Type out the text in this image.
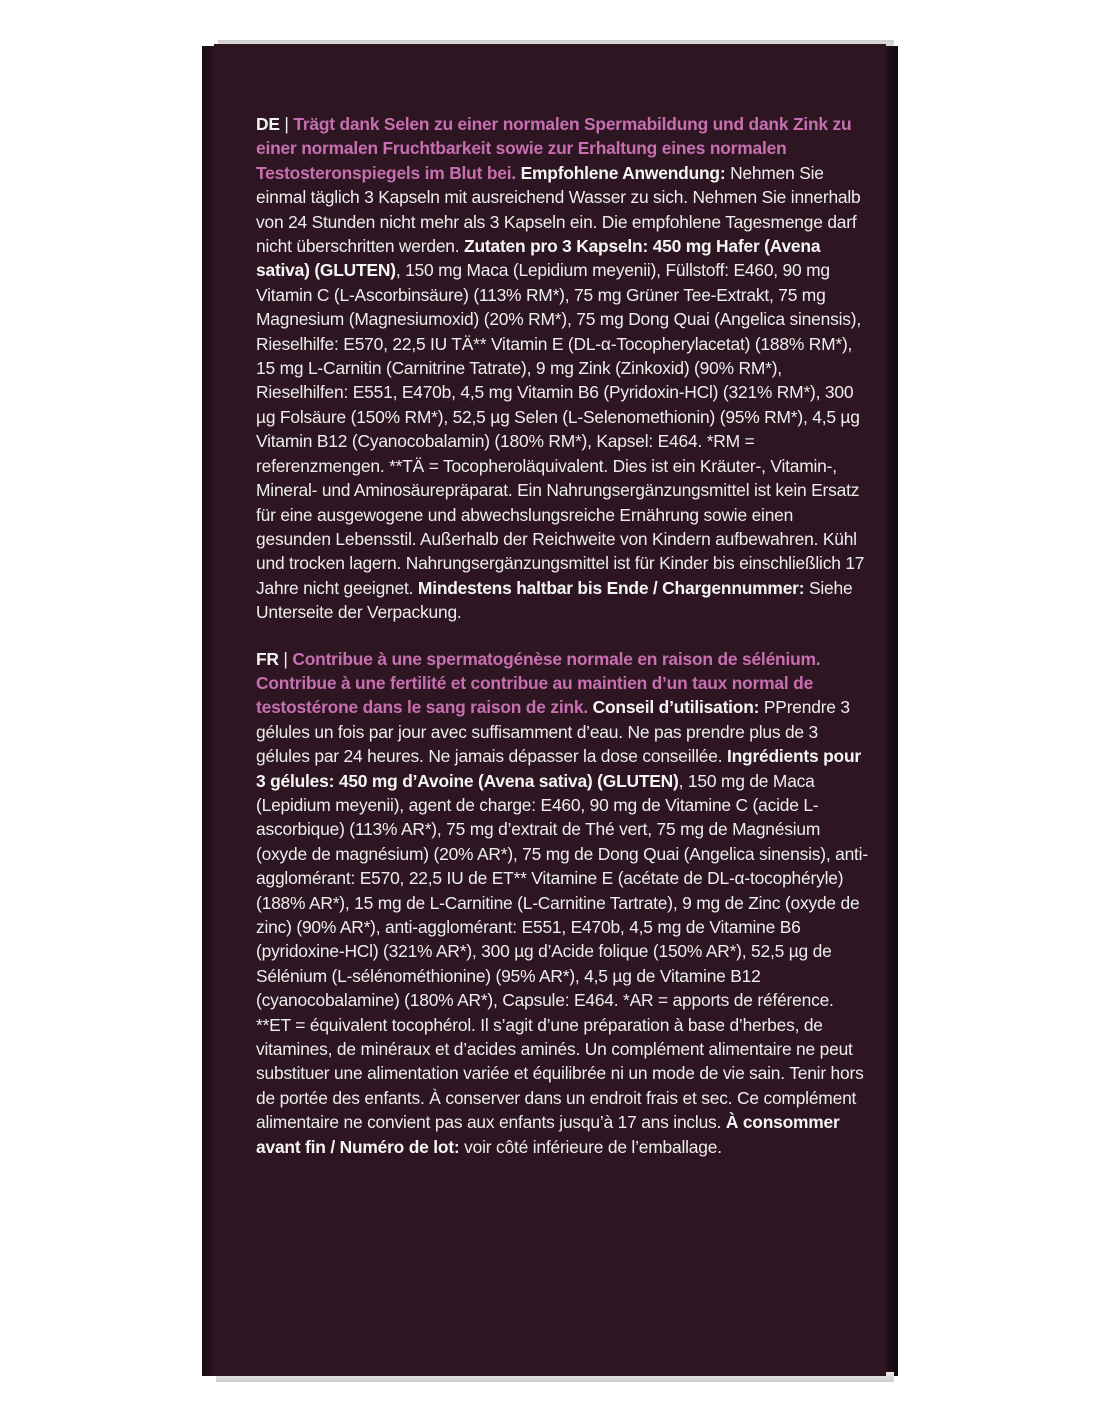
DE | Trägt dank Selen zu einer normalen Spermabildung und dank Zink zu einer normalen Fruchtbarkeit sowie zur Erhaltung eines normalen Testosteronspiegels im Blut bei. Empfohlene Anwendung: Nehmen Sie einmal täglich 3 Kapseln mit ausreichend Wasser zu sich. Nehmen Sie innerhalb von 24 Stunden nicht mehr als 3 Kapseln ein. Die empfohlene Tagesmenge darf nicht überschritten werden. Zutaten pro 3 Kapseln: 450 mg Hafer (Avena sativa) (GLUTEN), 150 mg Maca (Lepidium meyenii), Füllstoff: E460, 90 mg Vitamin C (L-Ascorbinsäure) (113% RM*), 75 mg Grüner Tee-Extrakt, 75 mg Magnesium (Magnesiumoxid) (20% RM*), 75 mg Dong Quai (Angelica sinensis), Rieselhilfe: E570, 22,5 IU TÄ** Vitamin E (DL-α-Tocopherylacetat) (188% RM*), 15 mg L-Carnitin (Carnitrine Tatrate), 9 mg Zink (Zinkoxid) (90% RM*), Rieselhilfen: E551, E470b, 4,5 mg Vitamin B6 (Pyridoxin-HCl) (321% RM*), 300 µg Folsäure (150% RM*), 52,5 µg Selen (L-Selenomethionin) (95% RM*), 4,5 µg Vitamin B12 (Cyanocobalamin) (180% RM*), Kapsel: E464. *RM = referenzmengen. **TÄ = Tocopheroläquivalent. Dies ist ein Kräuter-, Vitamin-, Mineral- und Aminosäurepräparat. Ein Nahrungsergänzungsmittel ist kein Ersatz für eine ausgewogene und abwechslungsreiche Ernährung sowie einen gesunden Lebensstil. Außerhalb der Reichweite von Kindern aufbewahren. Kühl und trocken lagern. Nahrungsergänzungsmittel ist für Kinder bis einschließlich 17 Jahre nicht geeignet. Mindestens haltbar bis Ende / Chargennummer: Siehe Unterseite der Verpackung.

FR | Contribue à une spermatogénèse normale en raison de sélénium. Contribue à une fertilité et contribue au maintien d’un taux normal de testostérone dans le sang raison de zink. Conseil d’utilisation: PPrendre 3 gélules un fois par jour avec suffisamment d’eau. Ne pas prendre plus de 3 gélules par 24 heures. Ne jamais dépasser la dose conseillée. Ingrédients pour 3 gélules: 450 mg d’Avoine (Avena sativa) (GLUTEN), 150 mg de Maca (Lepidium meyenii), agent de charge: E460, 90 mg de Vitamine C (acide L-ascorbique) (113% AR*), 75 mg d’extrait de Thé vert, 75 mg de Magnésium (oxyde de magnésium) (20% AR*), 75 mg de Dong Quai (Angelica sinensis), anti-agglomérant: E570, 22,5 IU de ET** Vitamine E (acétate de DL-α-tocophéryle) (188% AR*), 15 mg de L-Carnitine (L-Carnitine Tartrate), 9 mg de Zinc (oxyde de zinc) (90% AR*), anti-agglomérant: E551, E470b, 4,5 mg de Vitamine B6 (pyridoxine-HCl) (321% AR*), 300 µg d’Acide folique (150% AR*), 52,5 µg de Sélénium (L-sélénométhionine) (95% AR*), 4,5 µg de Vitamine B12 (cyanocobalamine) (180% AR*), Capsule: E464. *AR = apports de référence. **ET = équivalent tocophérol. Il s’agit d’une préparation à base d’herbes, de vitamines, de minéraux et d’acides aminés. Un complément alimentaire ne peut substituer une alimentation variée et équilibrée ni un mode de vie sain. Tenir hors de portée des enfants. À conserver dans un endroit frais et sec. Ce complément alimentaire ne convient pas aux enfants jusqu’à 17 ans inclus. À consommer avant fin / Numéro de lot: voir côté inférieure de l’emballage.
